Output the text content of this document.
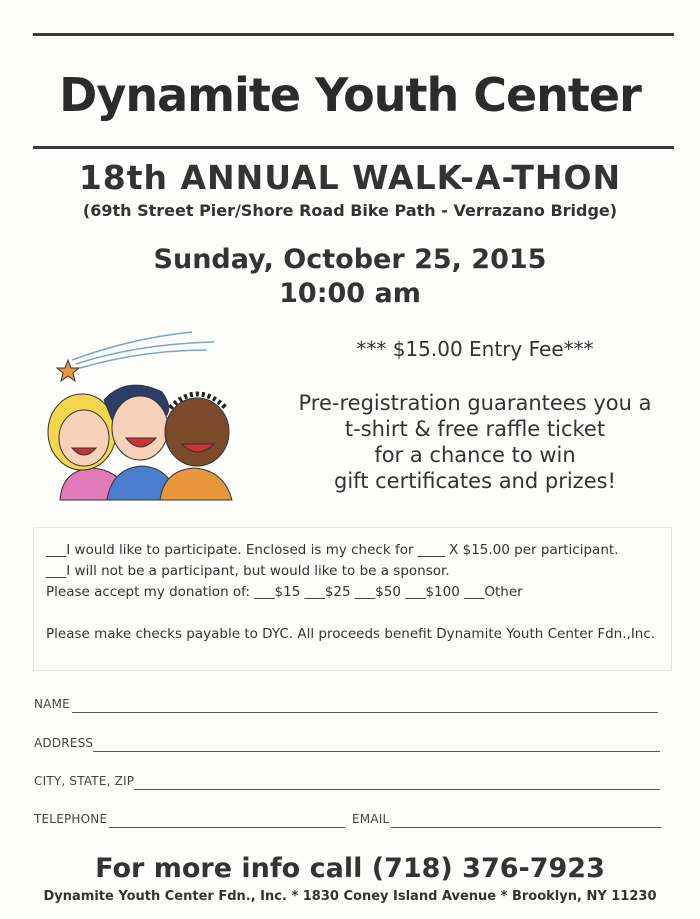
Dynamite Youth Center
18th ANNUAL WALK-A-THON
(69th Street Pier/Shore Road Bike Path - Verrazano Bridge)
Sunday, October 25, 2015
10:00 am
*** $15.00 Entry Fee***
Pre-registration guarantees you a
t-shirt & free raffle ticket
for a chance to win
gift certificates and prizes!
___I would like to participate. Enclosed is my check for ____ X $15.00 per participant.
___I will not be a participant, but would like to be a sponsor.
Please accept my donation of: ___$15 ___$25 ___$50 ___$100 ___Other
Please make checks payable to DYC. All proceeds benefit Dynamite Youth Center Fdn.,Inc.
NAME
ADDRESS
CITY, STATE, ZIP
TELEPHONE	EMAIL
For more info call (718) 376-7923
Dynamite Youth Center Fdn., Inc. * 1830 Coney Island Avenue * Brooklyn, NY 11230
